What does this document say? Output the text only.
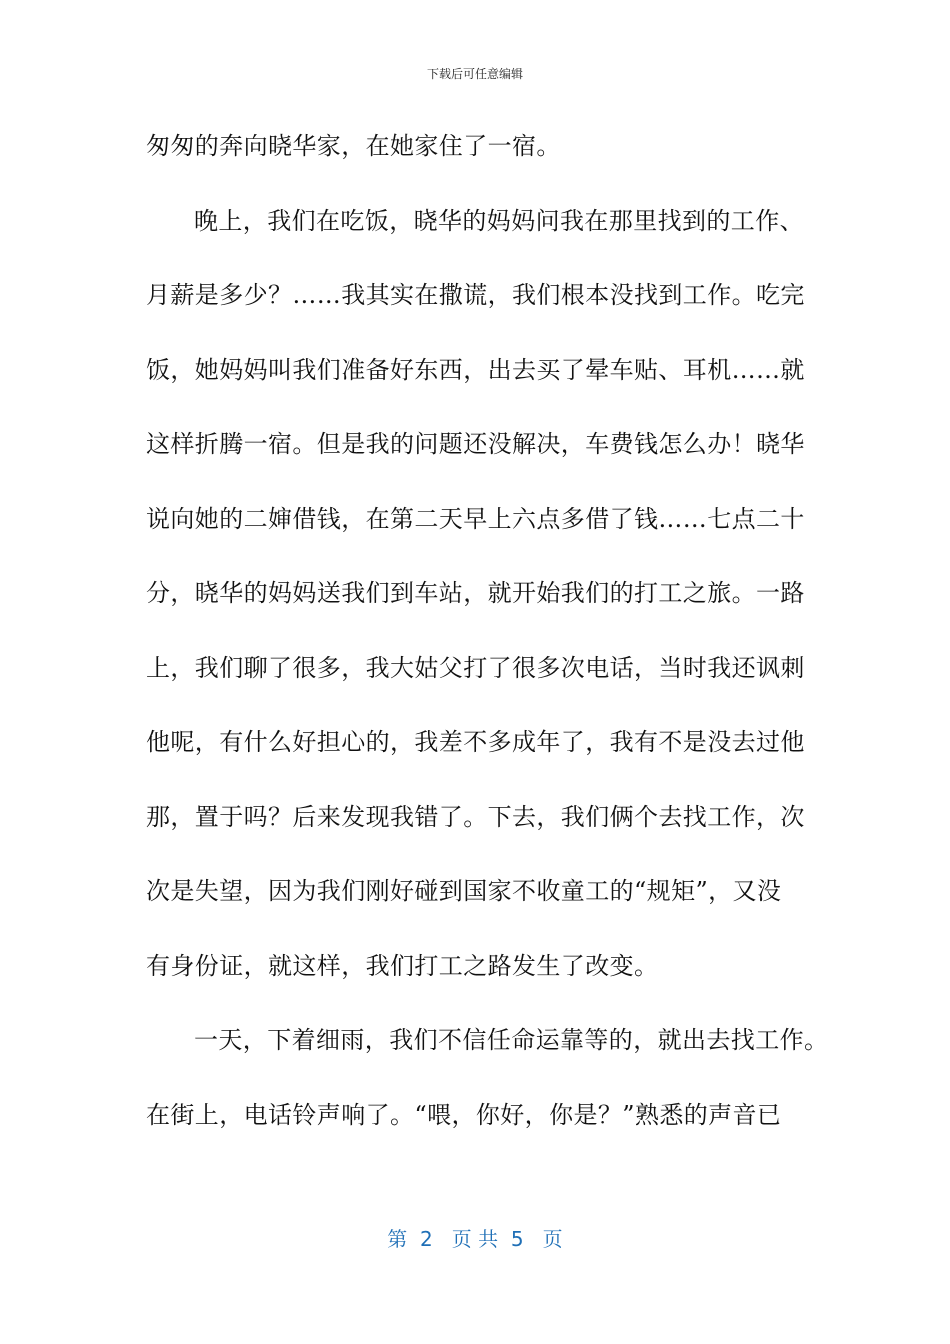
下载后可任意编辑
匆匆的奔向晓华家，在她家住了一宿。
晚上，我们在吃饭，晓华的妈妈问我在那里找到的工作、
月薪是多少？……我其实在撒谎，我们根本没找到工作。吃完
饭，她妈妈叫我们准备好东西，出去买了晕车贴、耳机……就
这样折腾一宿。但是我的问题还没解决，车费钱怎么办！晓华
说向她的二婶借钱，在第二天早上六点多借了钱……七点二十
分，晓华的妈妈送我们到车站，就开始我们的打工之旅。一路
上，我们聊了很多，我大姑父打了很多次电话，当时我还讽刺
他呢，有什么好担心的，我差不多成年了，我有不是没去过他
那，置于吗？后来发现我错了。下去，我们俩个去找工作，次
次是失望，因为我们刚好碰到国家不收童工的“规矩”，又没
有身份证，就这样，我们打工之路发生了改变。
一天，下着细雨，我们不信任命运靠等的，就出去找工作。
在街上，电话铃声响了。“喂，你好，你是？”熟悉的声音已
第  2   页 共  5   页
